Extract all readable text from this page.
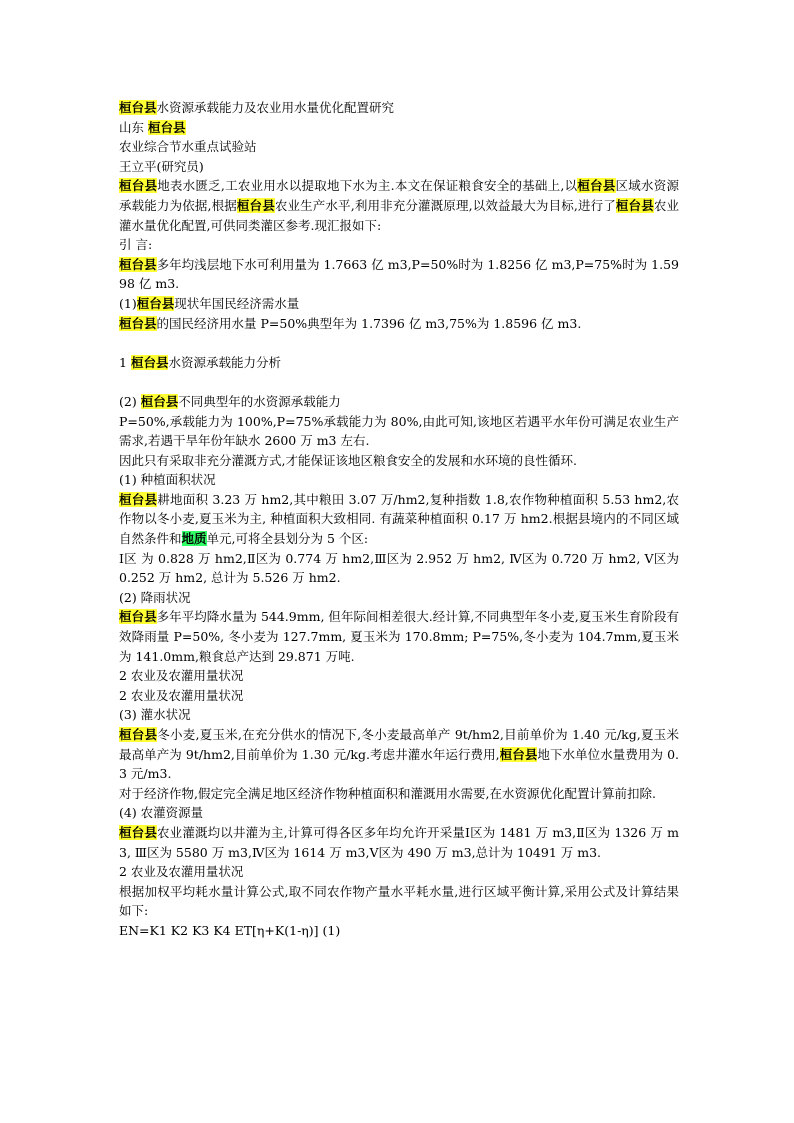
桓台县水资源承载能力及农业用水量优化配置研究
山东 桓台县
农业综合节水重点试验站
王立平(研究员)
桓台县地表水匮乏,工农业用水以提取地下水为主.本文在保证粮食安全的基础上,以桓台县区域水资源承载能力为依据,根据桓台县农业生产水平,利用非充分灌溉原理,以效益最大为目标,进行了桓台县农业灌水量优化配置,可供同类灌区参考.现汇报如下:
引 言:
桓台县多年均浅层地下水可利用量为 1.7663 亿 m3,P=50%时为 1.8256 亿 m3,P=75%时为 1.5998 亿 m3.
(1)桓台县现状年国民经济需水量
桓台县的国民经济用水量 P=50%典型年为 1.7396 亿 m3,75%为 1.8596 亿 m3.
1 桓台县水资源承载能力分析
(2) 桓台县不同典型年的水资源承载能力
P=50%,承载能力为 100%,P=75%承载能力为 80%,由此可知,该地区若遇平水年份可满足农业生产需求,若遇干旱年份年缺水 2600 万 m3 左右.
因此只有采取非充分灌溉方式,才能保证该地区粮食安全的发展和水环境的良性循环.
(1) 种植面积状况
桓台县耕地面积 3.23 万 hm2,其中粮田 3.07 万/hm2,复种指数 1.8,农作物种植面积 5.53 hm2,农作物以冬小麦,夏玉米为主, 种植面积大致相同. 有蔬菜种植面积 0.17 万 hm2.根据县境内的不同区域自然条件和地质单元,可将全县划分为 5 个区:
Ⅰ区 为 0.828 万 hm2,Ⅱ区为 0.774 万 hm2,Ⅲ区为 2.952 万 hm2, Ⅳ区为 0.720 万 hm2, Ⅴ区为 0.252 万 hm2, 总计为 5.526 万 hm2.
(2) 降雨状况
桓台县多年平均降水量为 544.9mm, 但年际间相差很大.经计算,不同典型年冬小麦,夏玉米生育阶段有效降雨量 P=50%, 冬小麦为 127.7mm, 夏玉米为 170.8mm; P=75%,冬小麦为 104.7mm,夏玉米为 141.0mm,粮食总产达到 29.871 万吨.
2 农业及农灌用量状况
2 农业及农灌用量状况
(3) 灌水状况
桓台县冬小麦,夏玉米,在充分供水的情况下,冬小麦最高单产 9t/hm2,目前单价为 1.40 元/kg,夏玉米最高单产为 9t/hm2,目前单价为 1.30 元/kg.考虑井灌水年运行费用,桓台县地下水单位水量费用为 0.3 元/m3.
对于经济作物,假定完全满足地区经济作物种植面积和灌溉用水需要,在水资源优化配置计算前扣除.
(4) 农灌资源量
桓台县农业灌溉均以井灌为主,计算可得各区多年均允许开采量Ⅰ区为 1481 万 m3,Ⅱ区为 1326 万 m3, Ⅲ区为 5580 万 m3,Ⅳ区为 1614 万 m3,Ⅴ区为 490 万 m3,总计为 10491 万 m3.
2 农业及农灌用量状况
根据加权平均耗水量计算公式,取不同农作物产量水平耗水量,进行区域平衡计算,采用公式及计算结果如下:
EN=K1 K2 K3 K4 ET[η+K(1-η)] (1)
